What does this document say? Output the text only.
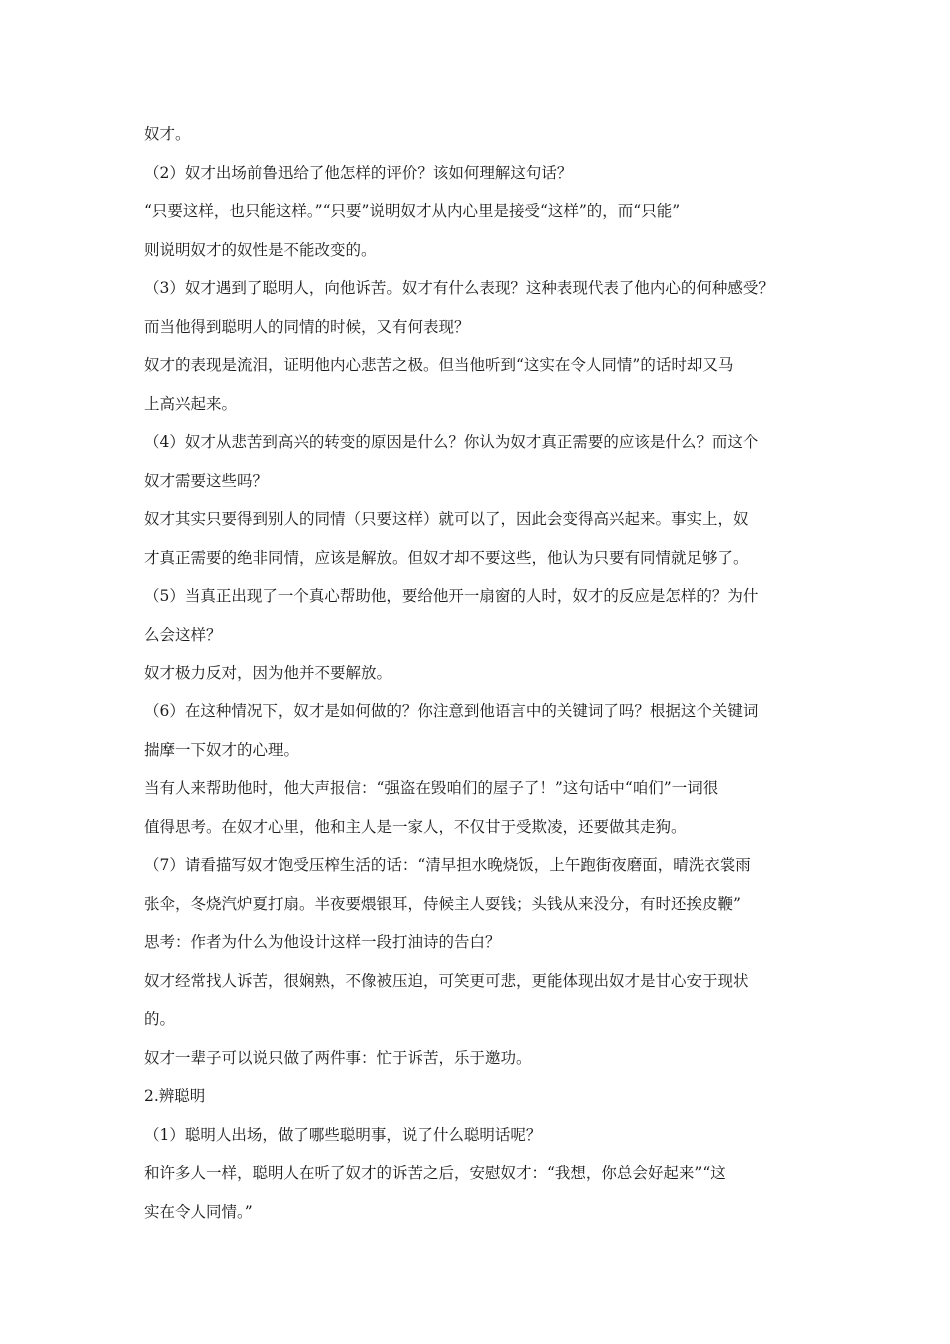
奴才。
（2）奴才出场前鲁迅给了他怎样的评价？该如何理解这句话？
“只要这样，也只能这样。”“只要”说明奴才从内心里是接受“这样”的，而“只能”
则说明奴才的奴性是不能改变的。
（3）奴才遇到了聪明人，向他诉苦。奴才有什么表现？这种表现代表了他内心的何种感受？
而当他得到聪明人的同情的时候，又有何表现？
奴才的表现是流泪，证明他内心悲苦之极。但当他听到“这实在令人同情”的话时却又马
上高兴起来。
（4）奴才从悲苦到高兴的转变的原因是什么？你认为奴才真正需要的应该是什么？而这个
奴才需要这些吗？
奴才其实只要得到别人的同情（只要这样）就可以了，因此会变得高兴起来。事实上，奴
才真正需要的绝非同情，应该是解放。但奴才却不要这些，他认为只要有同情就足够了。
（5）当真正出现了一个真心帮助他，要给他开一扇窗的人时，奴才的反应是怎样的？为什
么会这样？
奴才极力反对，因为他并不要解放。
（6）在这种情况下，奴才是如何做的？你注意到他语言中的关键词了吗？根据这个关键词
揣摩一下奴才的心理。
当有人来帮助他时，他大声报信：“强盗在毁咱们的屋子了！”这句话中“咱们”一词很
值得思考。在奴才心里，他和主人是一家人，不仅甘于受欺凌，还要做其走狗。
（7）请看描写奴才饱受压榨生活的话：“清早担水晚烧饭，上午跑街夜磨面，晴洗衣裳雨
张伞，冬烧汽炉夏打扇。半夜要煨银耳，侍候主人耍钱；头钱从来没分，有时还挨皮鞭”
思考：作者为什么为他设计这样一段打油诗的告白？
奴才经常找人诉苦，很娴熟，不像被压迫，可笑更可悲，更能体现出奴才是甘心安于现状
的。
奴才一辈子可以说只做了两件事：忙于诉苦，乐于邀功。
2.辨聪明
（1）聪明人出场，做了哪些聪明事，说了什么聪明话呢？
和许多人一样，聪明人在听了奴才的诉苦之后，安慰奴才：“我想，你总会好起来”“这
实在令人同情。”
